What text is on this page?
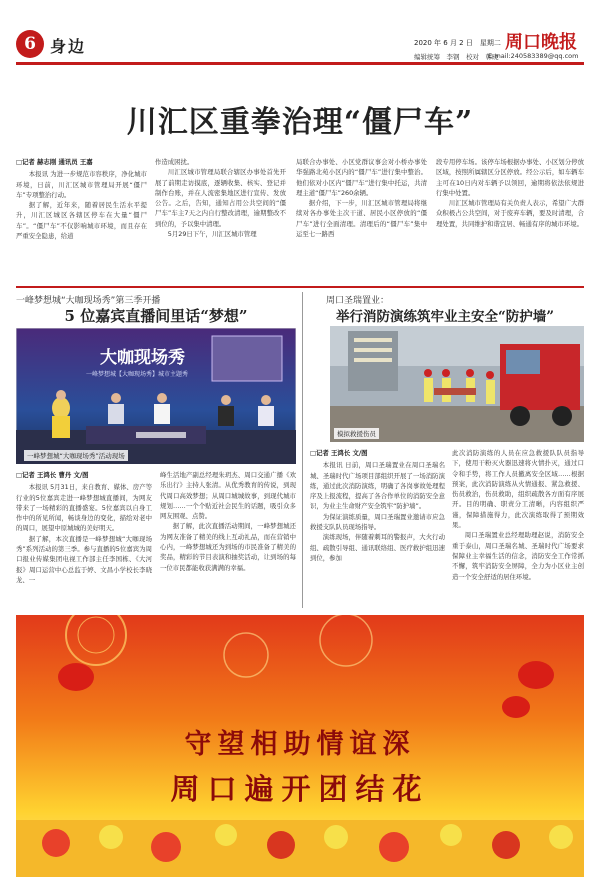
6 身边	2020 年 6 月 2 日　星期二 周口晚报
编辑统筹　李钢　校对　韩晓
E-mail:240583389@qq.com
川汇区重拳治理“僵尸车”
□记者 赫志刚 通讯员 王嘉

本报讯 为进一步规范市容秩序，净化城市环境，日前，川汇区城市管理局开展“僵尸车”专项整治行动。

据了解，近年来，随着居民生活水平提升，川汇区城区各辖区停车在大量“僵尸车”。“僵尸车”不仅影响城市环境，而且存在严重安全隐患，给道

作造成困扰。

川汇区城市管理局联合辖区办事处首先开展了前期走访摸底，逐辆收集、核实、登记并制作台账，并在人流密集地区进行宣传、发放公告。之后，告知，通知占用公共空间的“僵尸车”车主7天之内自行整改清理，逾期整改不到位的，予以集中清理。

5月29日下午，川汇区城市管理

局联合办事处、小区党群议事会对小桥办事处华强路北苑小区内的“僵尸车”进行集中整治。他们依对小区内“僵尸车”进行集中托运，共清理主道“僵尸车”260余辆。

据介绍，下一步，川汇区城市管理局将继续对各办事处主次干道、居民小区停放的“僵尸车”进行全面清理。清理后的“僵尸车”集中运至七一路西

段专用停车场。该停车场根据办事处、小区划分停放区域，按照所属辖区分区停放。经公示后，如车辆车主可在10日内对车辆予以领回，逾期将依法依规进行集中处置。

川汇区城市管理局有关负责人表示，希望广大群众积极占公共空间，对于废弃车辆，要及时清理，合理处置，共同维护和谐宜居、畅通有序的城市环境。

一峰梦想城“大咖现场秀”第三季开播
5 位嘉宾直播间里话“梦想”
大咖现场秀
一峰梦想城【大咖现场秀】城市主题秀
一峰梦想城“大咖现场秀”活动现场
□记者 王鸿长 曹丹 文/图

本报讯 5月31日，来自教育、媒体、房产等行业的5位嘉宾走进一峰梦想城直播间，为网友带来了一场精彩的直播盛宴。5位嘉宾以自身工作中的所见所闻，畅谈身边的变化，描绘对老中的周口，展望中原城城的美好明天。

据了解，本次直播是一峰梦想城“大咖现场秀”系列活动的第三季。参与直播的5位嘉宾为周口报业传媒集团电视工作部主任李国栋、《大河报》周口运营中心总监于婷、文昌小学校长李晓龙、一

峰生活地产副总经理朱玥杰、周口交通广播《欢乐出行》主持人张清。从优秀教育的传说，到现代周口高效梦想；从周口城城故事，到现代城市规划……一个个贴近社会民生的话题，吸引众多网友围观、点赞。

据了解，此次直播活动期间，一峰梦想城还为网友准备了精美的线上互动礼品，而在营销中心内，一峰梦想城还为到场的市民准备了精美的奖品，精彩的节目表演和抽奖活动，让到场的每一位市民都能收获满满的幸福。

周口圣瑞置业：
举行消防演练筑牢业主安全“防护墙”
模拟救援伤员
□记者 王鸿长 文/图

本报讯 日前，周口圣瑞置业在周口圣瑞名城、圣瑞时代广场项目部组织开展了一场消防演练，通过此次消防演练，明确了各岗事故处理程序及上报流程，提高了各合作单位的消防安全意识，为业主生命财产安全筑牢“防护墙”。

为保证演练质量，周口圣瑞置业邀请市应急救援支队队员现场指导。

演练现场，伴随着刺耳的警报声，大火行动组、疏散引导组、通讯联络组、医疗救护组迅速到位，参加

此次消防演练的人员在应急救援队队员指导下，使用干粉灭火器迅速将火情扑灭，通过口令和手势，将工作人员撤离安全区域……根据预案，此次消防演练从火情通报、紧急救援、伤员救治，伤员救助，组织疏散各方面有序展开。目的明确、职责分工清晰，内容组织严谨，保障措施得力，此次演练取得了预期效果。

周口圣瑞置业总经理助理赵说，消防安全重于泰山，周口圣瑞名城、圣瑞时代广场要求保障业主幸福生活的信念，消防安全工作常抓不懈，筑牢消防安全屏障，全力为小区业主创造一个安全舒适的居住环境。

守望相助情谊深
周口遍开团结花
